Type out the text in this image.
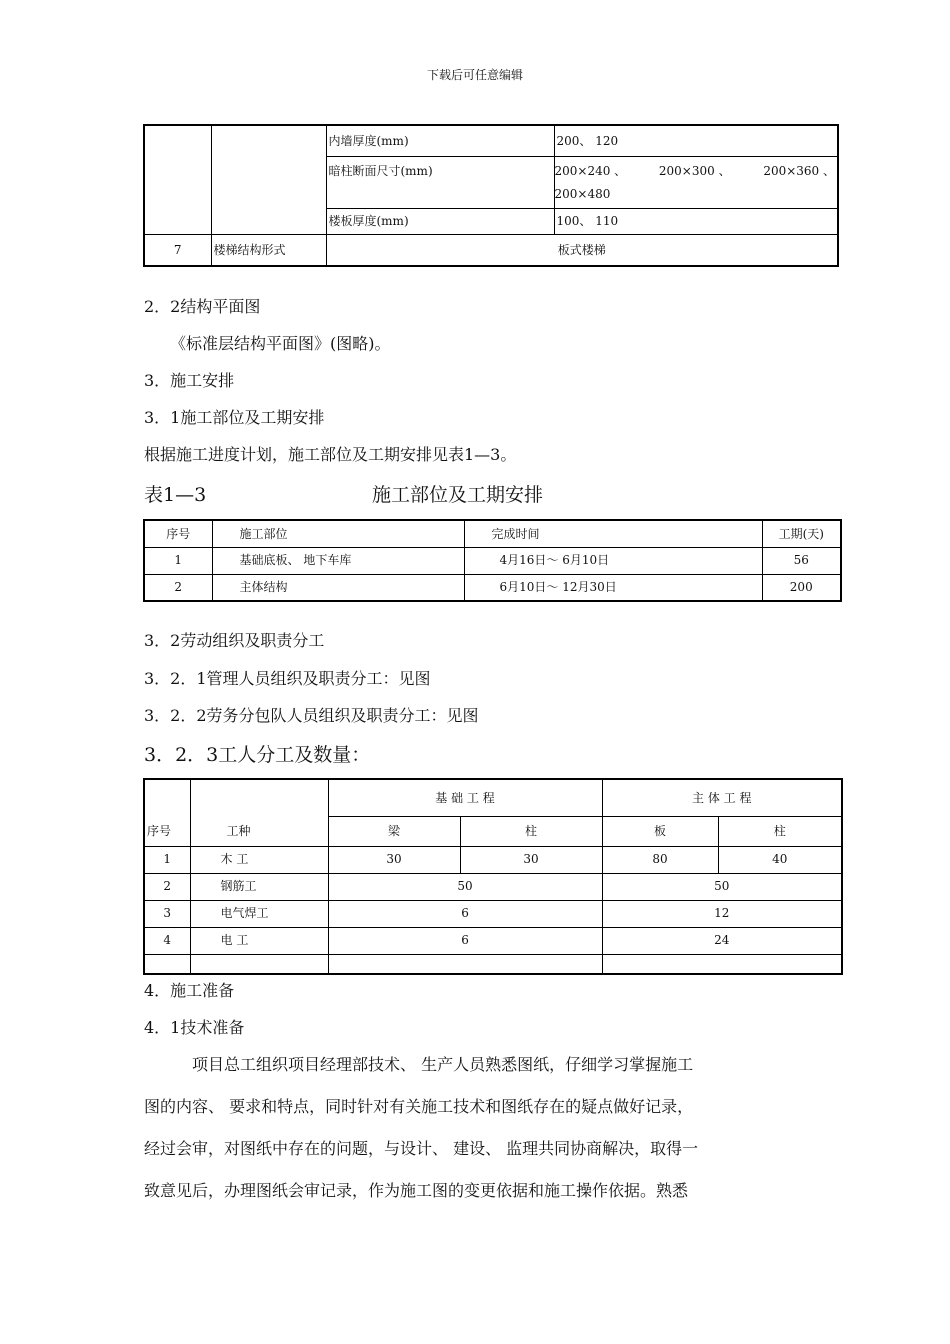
下载后可任意编辑
		内墙厚度(mm)	200、 120
		暗柱断面尺寸(mm)	200×240 、 200×300 、 200×360 、
200×480

		楼板厚度(mm)	100、 110
7	楼梯结构形式	板式楼梯	
2．2结构平面图
《标准层结构平面图》(图略)。
3．施工安排
3．1施工部位及工期安排
根据施工进度计划，施工部位及工期安排见表1—3。
表1—3	施工部位及工期安排
序号	施工部位	完成时间	工期(天)
1	基础底板、 地下车库	4月16日～ 6月10日	56
2	主体结构	6月10日～ 12月30日	200
3．2劳动组织及职责分工
3．2．1管理人员组织及职责分工：见图
3．2．2劳务分包队人员组织及职责分工：见图
3．2．3工人分工及数量：
序号	工种	基 础 工 程		主 体 工 程	
		梁	柱	板	柱
1	木 工	30	30	80	40
2	钢筋工	50		50	
3	电气焊工	6		12	
4	电 工	6		24	

4．施工准备
4．1技术准备
项目总工组织项目经理部技术、 生产人员熟悉图纸，仔细学习掌握施工
图的内容、 要求和特点，同时针对有关施工技术和图纸存在的疑点做好记录，
经过会审，对图纸中存在的问题，与设计、 建设、 监理共同协商解决，取得一
致意见后，办理图纸会审记录，作为施工图的变更依据和施工操作依据。熟悉
